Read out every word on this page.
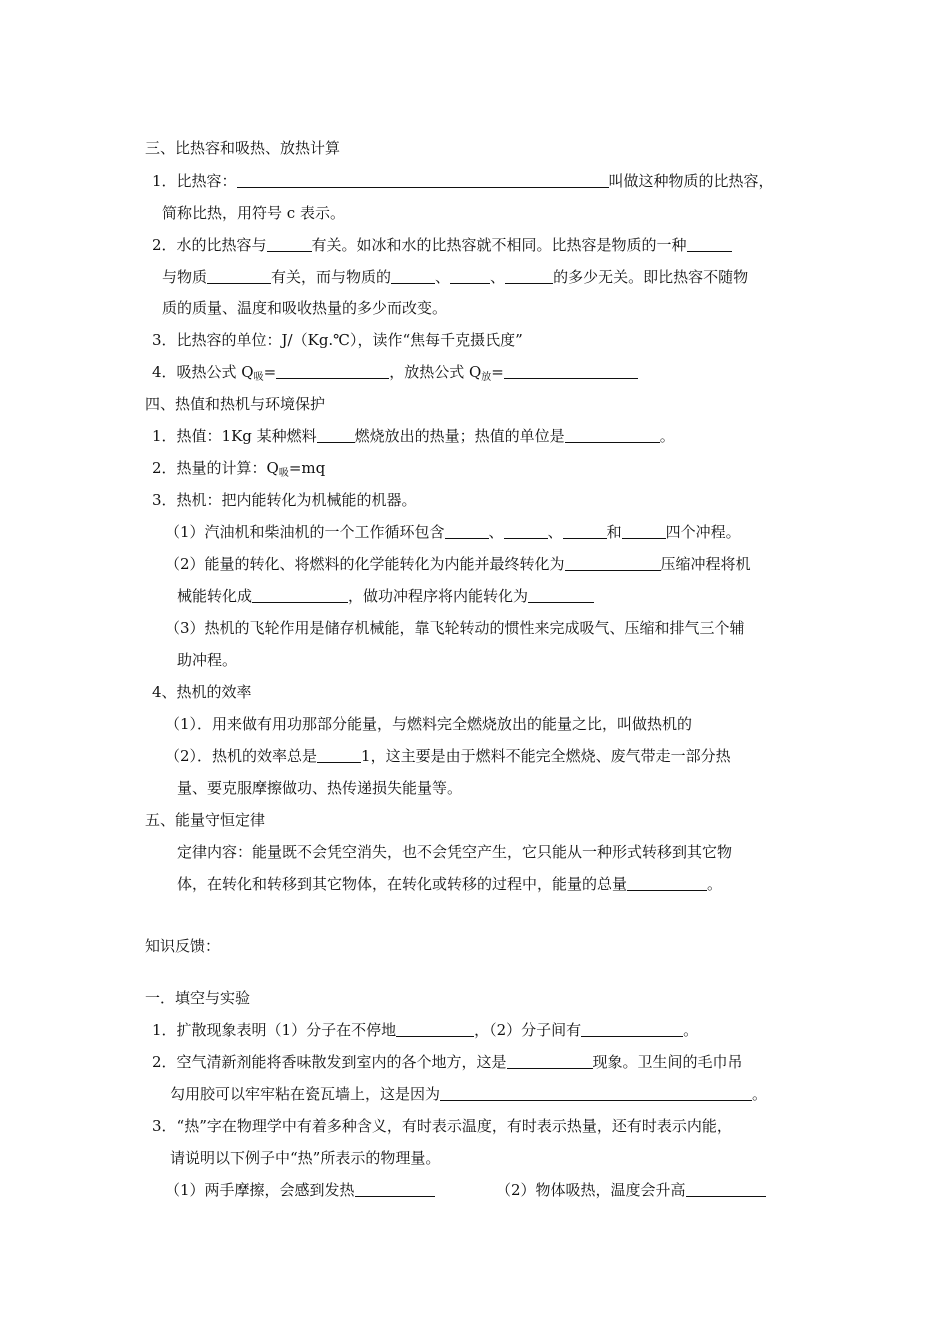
三、比热容和吸热、放热计算
1．比热容：	叫做这种物质的比热容，
简称比热，用符号 c 表示。
2．水的比热容与	有关。如冰和水的比热容就不相同。比热容是物质的一种
与物质	有关，而与物质的	、	、	的多少无关。即比热容不随物
质的质量、温度和吸收热量的多少而改变。
3．比热容的单位：J/（Kg.℃），读作“焦每千克摄氏度”
4．吸热公式 $Q_吸=$	，放热公式 $Q_放=$
四、热值和热机与环境保护
1．热值：1Kg 某种燃料	燃烧放出的热量；热值的单位是	。
2．热量的计算：$Q_吸=mq$
3．热机：把内能转化为机械能的机器。
（1）汽油机和柴油机的一个工作循环包含	、	、	和	四个冲程。
（2）能量的转化、将燃料的化学能转化为内能并最终转化为	压缩冲程将机
械能转化成	，做功冲程序将内能转化为
（3）热机的飞轮作用是储存机械能，靠飞轮转动的惯性来完成吸气、压缩和排气三个辅
助冲程。
4、热机的效率
（1）．用来做有用功那部分能量，与燃料完全燃烧放出的能量之比，叫做热机的
（2）．热机的效率总是	1，这主要是由于燃料不能完全燃烧、废气带走一部分热
量、要克服摩擦做功、热传递损失能量等。
五、能量守恒定律
定律内容：能量既不会凭空消失，也不会凭空产生，它只能从一种形式转移到其它物
体，在转化和转移到其它物体，在转化或转移的过程中，能量的总量	。
知识反馈：
一．填空与实验
1．扩散现象表明（1）分子在不停地	，（2）分子间有	。
2．空气清新剂能将香味散发到室内的各个地方，这是	现象。卫生间的毛巾吊
勾用胶可以牢牢粘在瓷瓦墙上，这是因为	。
3．“热”字在物理学中有着多种含义，有时表示温度，有时表示热量，还有时表示内能，
请说明以下例子中“热”所表示的物理量。
（1）两手摩擦，会感到发热	（2）物体吸热，温度会升高
